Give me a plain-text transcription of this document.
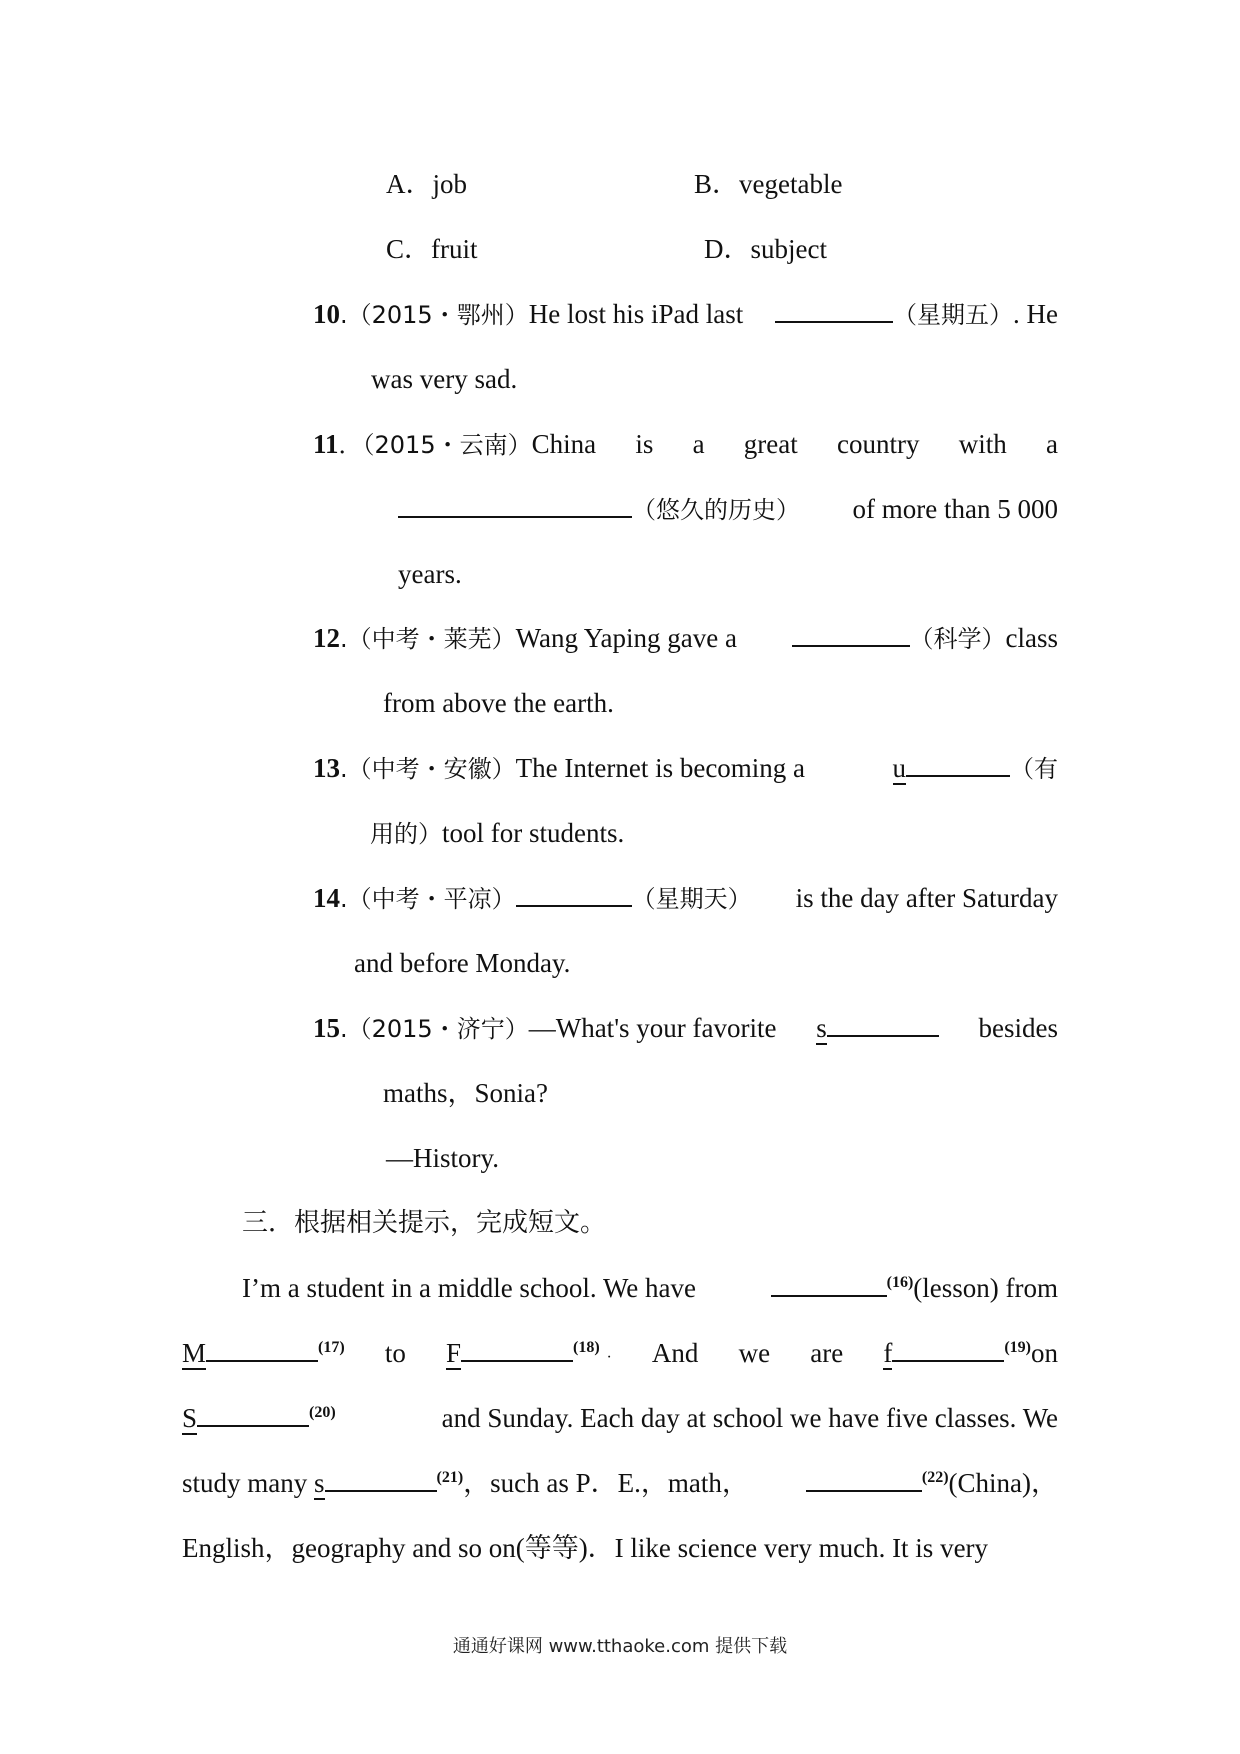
A．job	B．vegetable
C．fruit	D．subject
10.（2015・鄂州）He lost his iPad last	（星期五）. He
was very sad.
11．（2015・云南）China is a great country with a
（悠久的历史） of more than 5 000
years.
12.（中考・莱芜）Wang Yaping gave a	（科学）class
from above the earth.
13.（中考・安徽）The Internet is becoming a	u	（有
用的）tool for students.
14.（中考・平凉）	（星期天） is the day after Saturday
and before Monday.
15.（2015・济宁）—What's your favorite s	besides
maths，Sonia?
—History.
三．根据相关提示，完成短文。
I’m a student in a middle school. We have	$^{(16)}$(lesson) from
M	$^{(17)}$ to F	$^{(18)}$ · And we are f	$^{(19)}$on
S	$^{(20)}$	and Sunday. Each day at school we have five classes. We
study many s	$^{(21)}$，such as P．E.，math，	$^{(22)}$(China)，
English，geography and so on(等等)．I like science very much. It is very
通通好课网 www.tthaoke.com 提供下载
